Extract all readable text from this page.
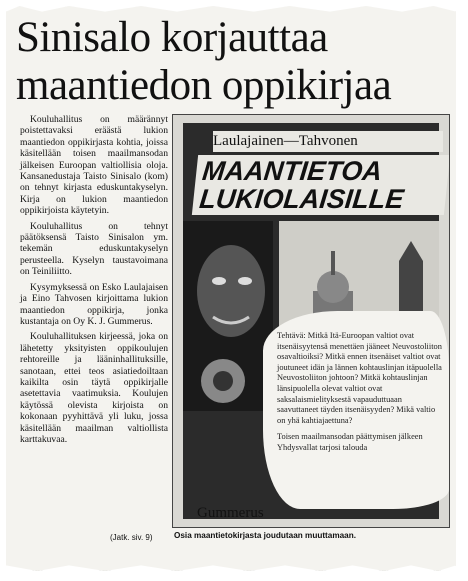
Sinisalo korjauttaa maantiedon oppikirjaa

Kouluhallitus on määrännyt poistettavaksi eräästä lukion maantiedon oppikirjasta kohtia, joissa käsitellään toisen maailmansodan jälkeisen Euroopan valtiollisia oloja. Kansanedustaja Taisto Sinisalo (kom) on tehnyt kirjasta eduskuntakyselyn. Kirja on lukion maantiedon oppikirjoista käytetyin.

Kouluhallitus on tehnyt päätöksensä Taisto Sinisalon ym. tekemän eduskuntakyselyn perusteella. Kyselyn taustavoimana on Teiniliitto.

Kysymyksessä on Esko Laulajaisen ja Eino Tahvosen kirjoittama lukion maantiedon oppikirja, jonka kustantaja on Oy K. J. Gummerus.

Kouluhallituksen kirjeessä, joka on lähetetty yksityisten oppikoulujen rehtoreille ja lääninhallituksille, sanotaan, ettei teos asiatiedoiltaan kaikilta osin täytä oppikirjalle asetettavia vaatimuksia. Koulujen käytössä olevista kirjoista on kokonaan pyyhittävä yli luku, jossa käsitellään maailman valtiollista karttakuvaa.

(Jatk. siv. 9)
Laulajainen—Tahvonen
MAANTIETOA LUKIOLAISILLE
Gummerus

Tehtävä: Mitkä Itä-Euroopan valtiot ovat itsenäisyytensä menettäen jääneet Neuvostoliiton osavaltioiksi? Mitkä ennen itsenäiset valtiot ovat joutuneet idän ja lännen kohtauslinjan itäpuolella Neuvostoliiton johtoon? Mitkä kohtauslinjan länsipuolella olevat valtiot ovat saksalaismielityksestä vapauduttuaan saavuttaneet täyden itsenäisyyden? Mikä valtio on yhä kahtiajaettuna?

Toisen maailmansodan päättymisen jälkeen Yhdysvallat tarjosi talouda

Osia maantietokirjasta joudutaan muuttamaan.
